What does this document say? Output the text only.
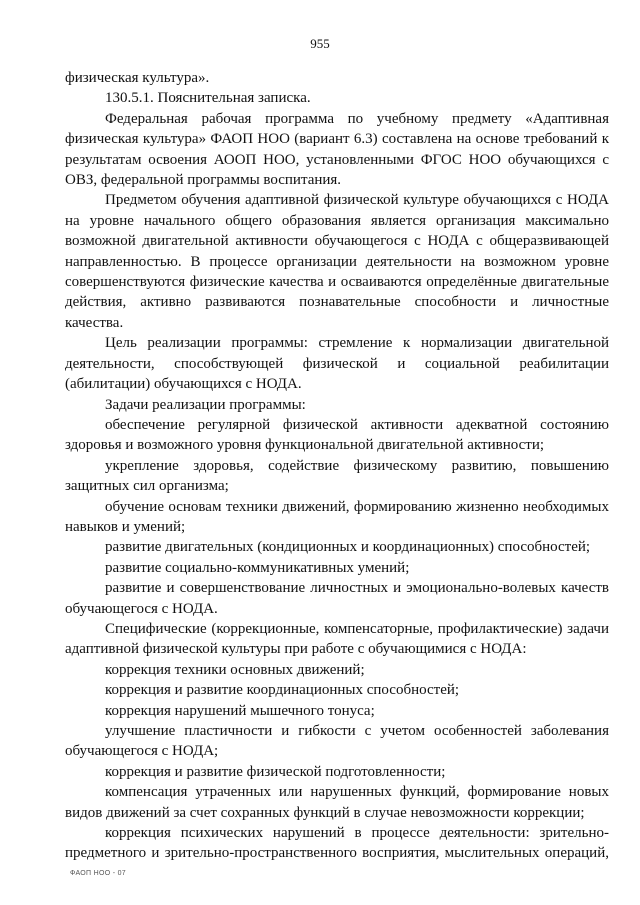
955

физическая культура».

130.5.1. Пояснительная записка.

Федеральная рабочая программа по учебному предмету «Адаптивная физическая культура» ФАОП НОО (вариант 6.3) составлена на основе требований к результатам освоения АООП НОО, установленными ФГОС НОО обучающихся с ОВЗ, федеральной программы воспитания.

Предметом обучения адаптивной физической культуре обучающихся с НОДА на уровне начального общего образования является организация максимально возможной двигательной активности обучающегося с НОДА с общеразвивающей направленностью. В процессе организации деятельности на возможном уровне совершенствуются физические качества и осваиваются определённые двигательные действия, активно развиваются познавательные способности и личностные качества.

Цель реализации программы: стремление к нормализации двигательной деятельности, способствующей физической и социальной реабилитации (абилитации) обучающихся с НОДА.

Задачи реализации программы:

обеспечение регулярной физической активности адекватной состоянию здоровья и возможного уровня функциональной двигательной активности;

укрепление здоровья, содействие физическому развитию, повышению защитных сил организма;

обучение основам техники движений, формированию жизненно необходимых навыков и умений;

развитие двигательных (кондиционных и координационных) способностей;

развитие социально-коммуникативных умений;

развитие и совершенствование личностных и эмоционально-волевых качеств обучающегося с НОДА.

Специфические (коррекционные, компенсаторные, профилактические) задачи адаптивной физической культуры при работе с обучающимися с НОДА:

коррекция техники основных движений;

коррекция и развитие координационных способностей;

коррекция нарушений мышечного тонуса;

улучшение пластичности и гибкости с учетом особенностей заболевания обучающегося с НОДА;

коррекция и развитие физической подготовленности;

компенсация утраченных или нарушенных функций, формирование новых видов движений за счет сохранных функций в случае невозможности коррекции;

коррекция психических нарушений в процессе деятельности: зрительно-предметного и зрительно-пространственного восприятия, мыслительных операций,

ФАОП НОО - 07
